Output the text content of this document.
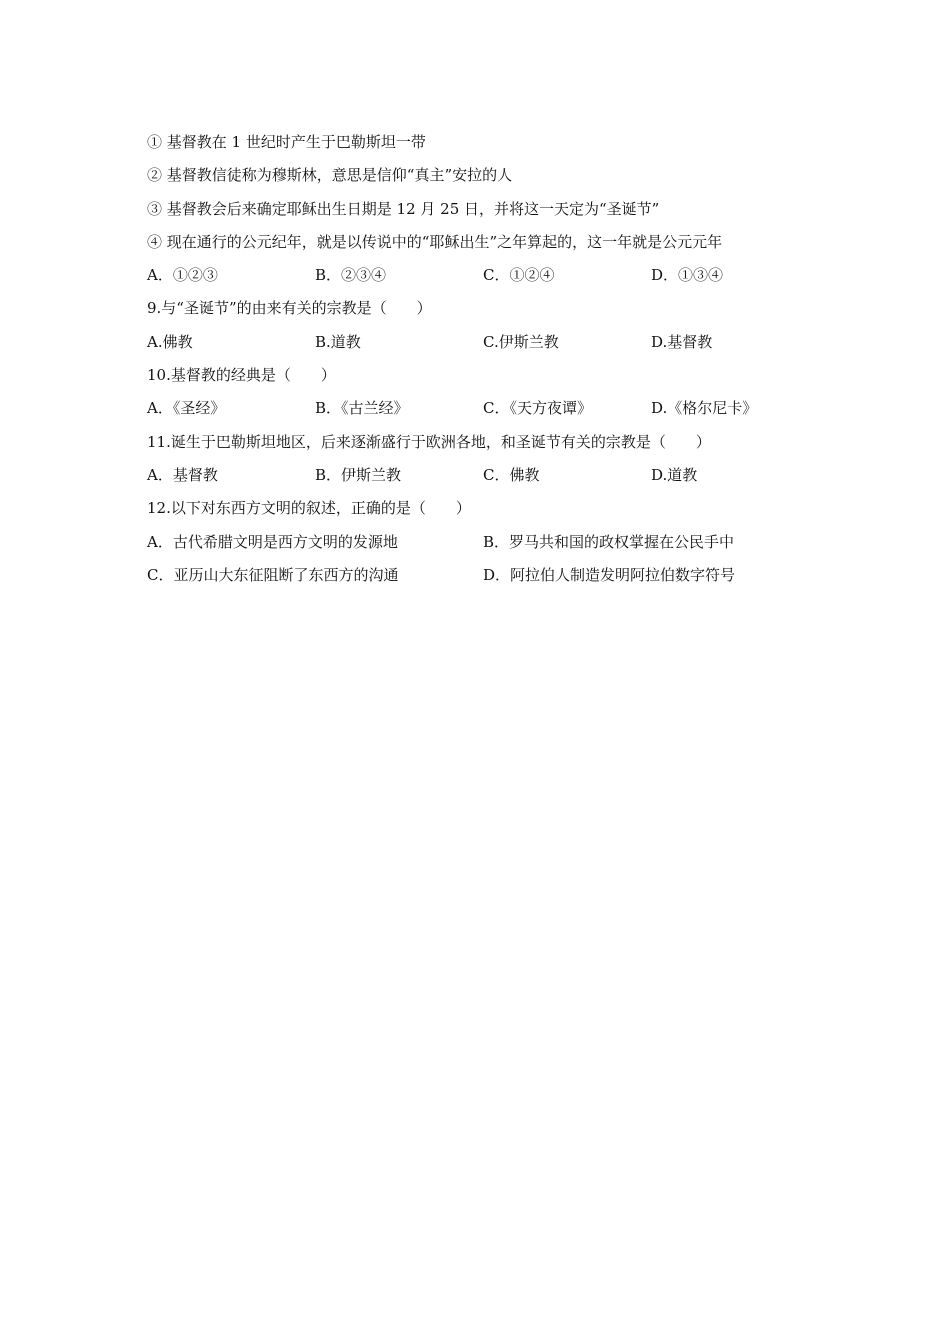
① 基督教在 1 世纪时产生于巴勒斯坦一带
② 基督教信徒称为穆斯林，意思是信仰“真主”安拉的人
③ 基督教会后来确定耶稣出生日期是 12 月 25 日，并将这一天定为“圣诞节”
④ 现在通行的公元纪年，就是以传说中的“耶稣出生”之年算起的，这一年就是公元元年
A．①②③	B．②③④	C．①②④	D．①③④
9.与“圣诞节”的由来有关的宗教是（　　）
A.佛教	B.道教	C.伊斯兰教	D.基督教
10.基督教的经典是（　　）
A．《圣经》	B．《古兰经》	C．《天方夜谭》	D.《格尔尼卡》
11.诞生于巴勒斯坦地区，后来逐渐盛行于欧洲各地，和圣诞节有关的宗教是（　　）
A．基督教	B．伊斯兰教	C．佛教	D.道教
12.以下对东西方文明的叙述，正确的是（　　）
A．古代希腊文明是西方文明的发源地	B．罗马共和国的政权掌握在公民手中
C．亚历山大东征阻断了东西方的沟通	D．阿拉伯人制造发明阿拉伯数字符号
